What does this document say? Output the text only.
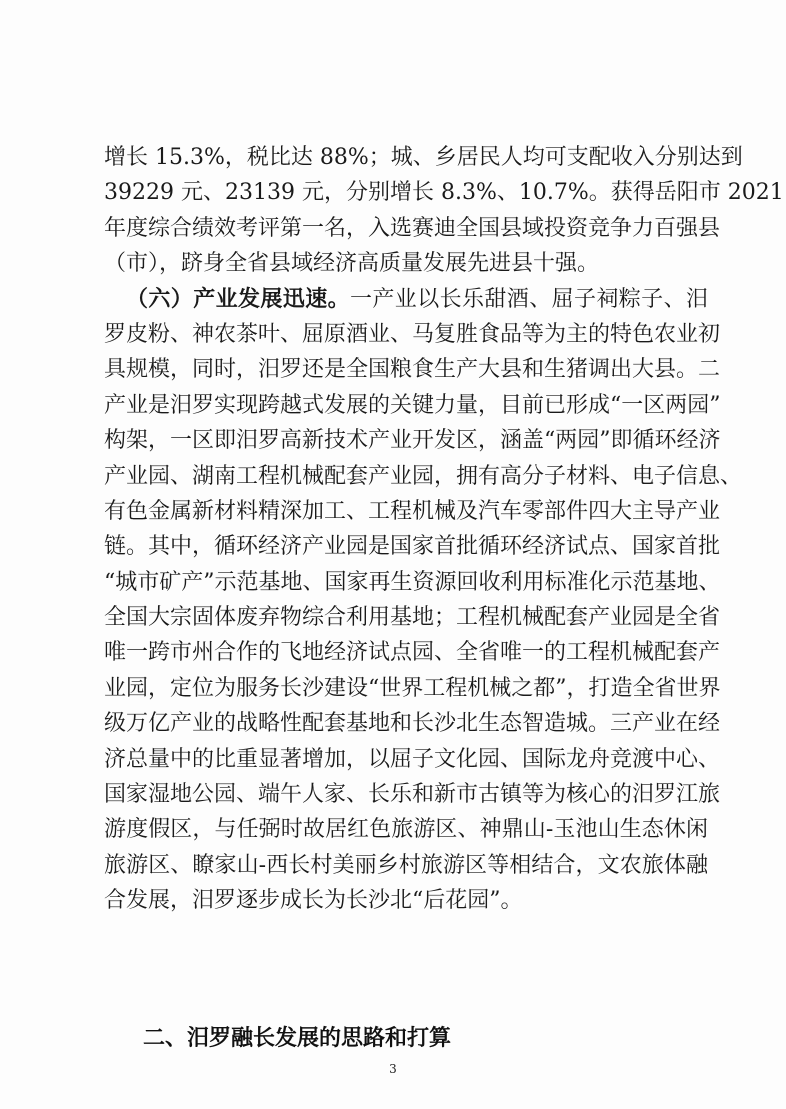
增长 15.3%，税比达 88%；城、乡居民人均可支配收入分别达到
39229 元、23139 元，分别增长 8.3%、10.7%。获得岳阳市 2021
年度综合绩效考评第一名，入选赛迪全国县域投资竞争力百强县
（市），跻身全省县域经济高质量发展先进县十强。
（六）产业发展迅速。一产业以长乐甜酒、屈子祠粽子、汨
罗皮粉、神农茶叶、屈原酒业、马复胜食品等为主的特色农业初
具规模，同时，汨罗还是全国粮食生产大县和生猪调出大县。二
产业是汨罗实现跨越式发展的关键力量，目前已形成“一区两园”
构架，一区即汨罗高新技术产业开发区，涵盖“两园”即循环经济
产业园、湖南工程机械配套产业园，拥有高分子材料、电子信息、
有色金属新材料精深加工、工程机械及汽车零部件四大主导产业
链。其中，循环经济产业园是国家首批循环经济试点、国家首批
“城市矿产”示范基地、国家再生资源回收利用标准化示范基地、
全国大宗固体废弃物综合利用基地；工程机械配套产业园是全省
唯一跨市州合作的飞地经济试点园、全省唯一的工程机械配套产
业园，定位为服务长沙建设“世界工程机械之都”，打造全省世界
级万亿产业的战略性配套基地和长沙北生态智造城。三产业在经
济总量中的比重显著增加，以屈子文化园、国际龙舟竞渡中心、
国家湿地公园、端午人家、长乐和新市古镇等为核心的汨罗江旅
游度假区，与任弼时故居红色旅游区、神鼎山-玉池山生态休闲
旅游区、瞭家山-西长村美丽乡村旅游区等相结合，文农旅体融
合发展，汨罗逐步成长为长沙北“后花园”。
二、汨罗融长发展的思路和打算
3
